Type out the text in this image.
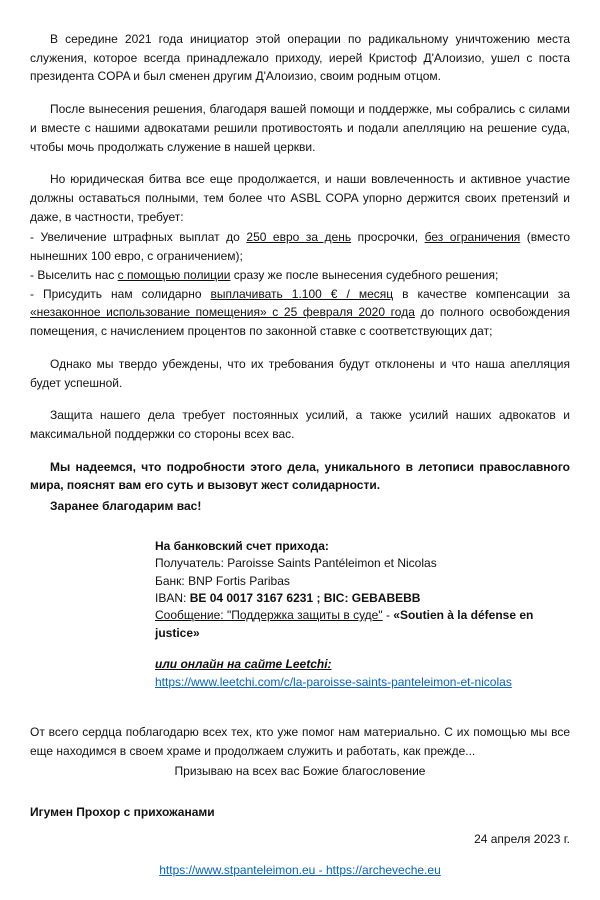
В середине 2021 года инициатор этой операции по радикальному уничтожению места служения, которое всегда принадлежало приходу, иерей Кристоф Д'Алоизио, ушел с поста президента COPA и был сменен другим Д'Алоизио, своим родным отцом.

После вынесения решения, благодаря вашей помощи и поддержке, мы собрались с силами и вместе с нашими адвокатами решили противостоять и подали апелляцию на решение суда, чтобы мочь продолжать служение в нашей церкви.

Но юридическая битва все еще продолжается, и наши вовлеченность и активное участие должны оставаться полными, тем более что ASBL COPA упорно держится своих претензий и даже, в частности, требует:

- Увеличение штрафных выплат до 250 евро за день просрочки, без ограничения (вместо нынешних 100 евро, с ограничением);

- Выселить нас с помощью полиции сразу же после вынесения судебного решения;

- Присудить нам солидарно выплачивать 1.100 € / месяц в качестве компенсации за «незаконное использование помещения» с 25 февраля 2020 года до полного освобождения помещения, с начислением процентов по законной ставке с соответствующих дат;

Однако мы твердо убеждены, что их требования будут отклонены и что наша апелляция будет успешной.

Защита нашего дела требует постоянных усилий, а также усилий наших адвокатов и максимальной поддержки со стороны всех вас.

Мы надеемся, что подробности этого дела, уникального в летописи православного мира, пояснят вам его суть и вызовут жест солидарности.

Заранее благодарим вас!

На банковский счет прихода:

Получатель: Paroisse Saints Pantéleimon et Nicolas

Банк: BNP Fortis Paribas

IBAN: BE 04 0017 3167 6231 ; BIC: GEBABEBB

Сообщение: "Поддержка защиты в суде" - «Soutien à la défense en justice»

или онлайн на сайте Leetchi:

https://www.leetchi.com/c/la-paroisse-saints-panteleimon-et-nicolas

От всего сердца поблагодарю всех тех, кто уже помог нам материально. С их помощью мы все еще находимся в своем храме и продолжаем служить и работать, как прежде...

Призываю на всех вас Божие благословение

Игумен Прохор с прихожанами

24 апреля 2023 г.

https://www.stpanteleimon.eu - https://archeveche.eu
